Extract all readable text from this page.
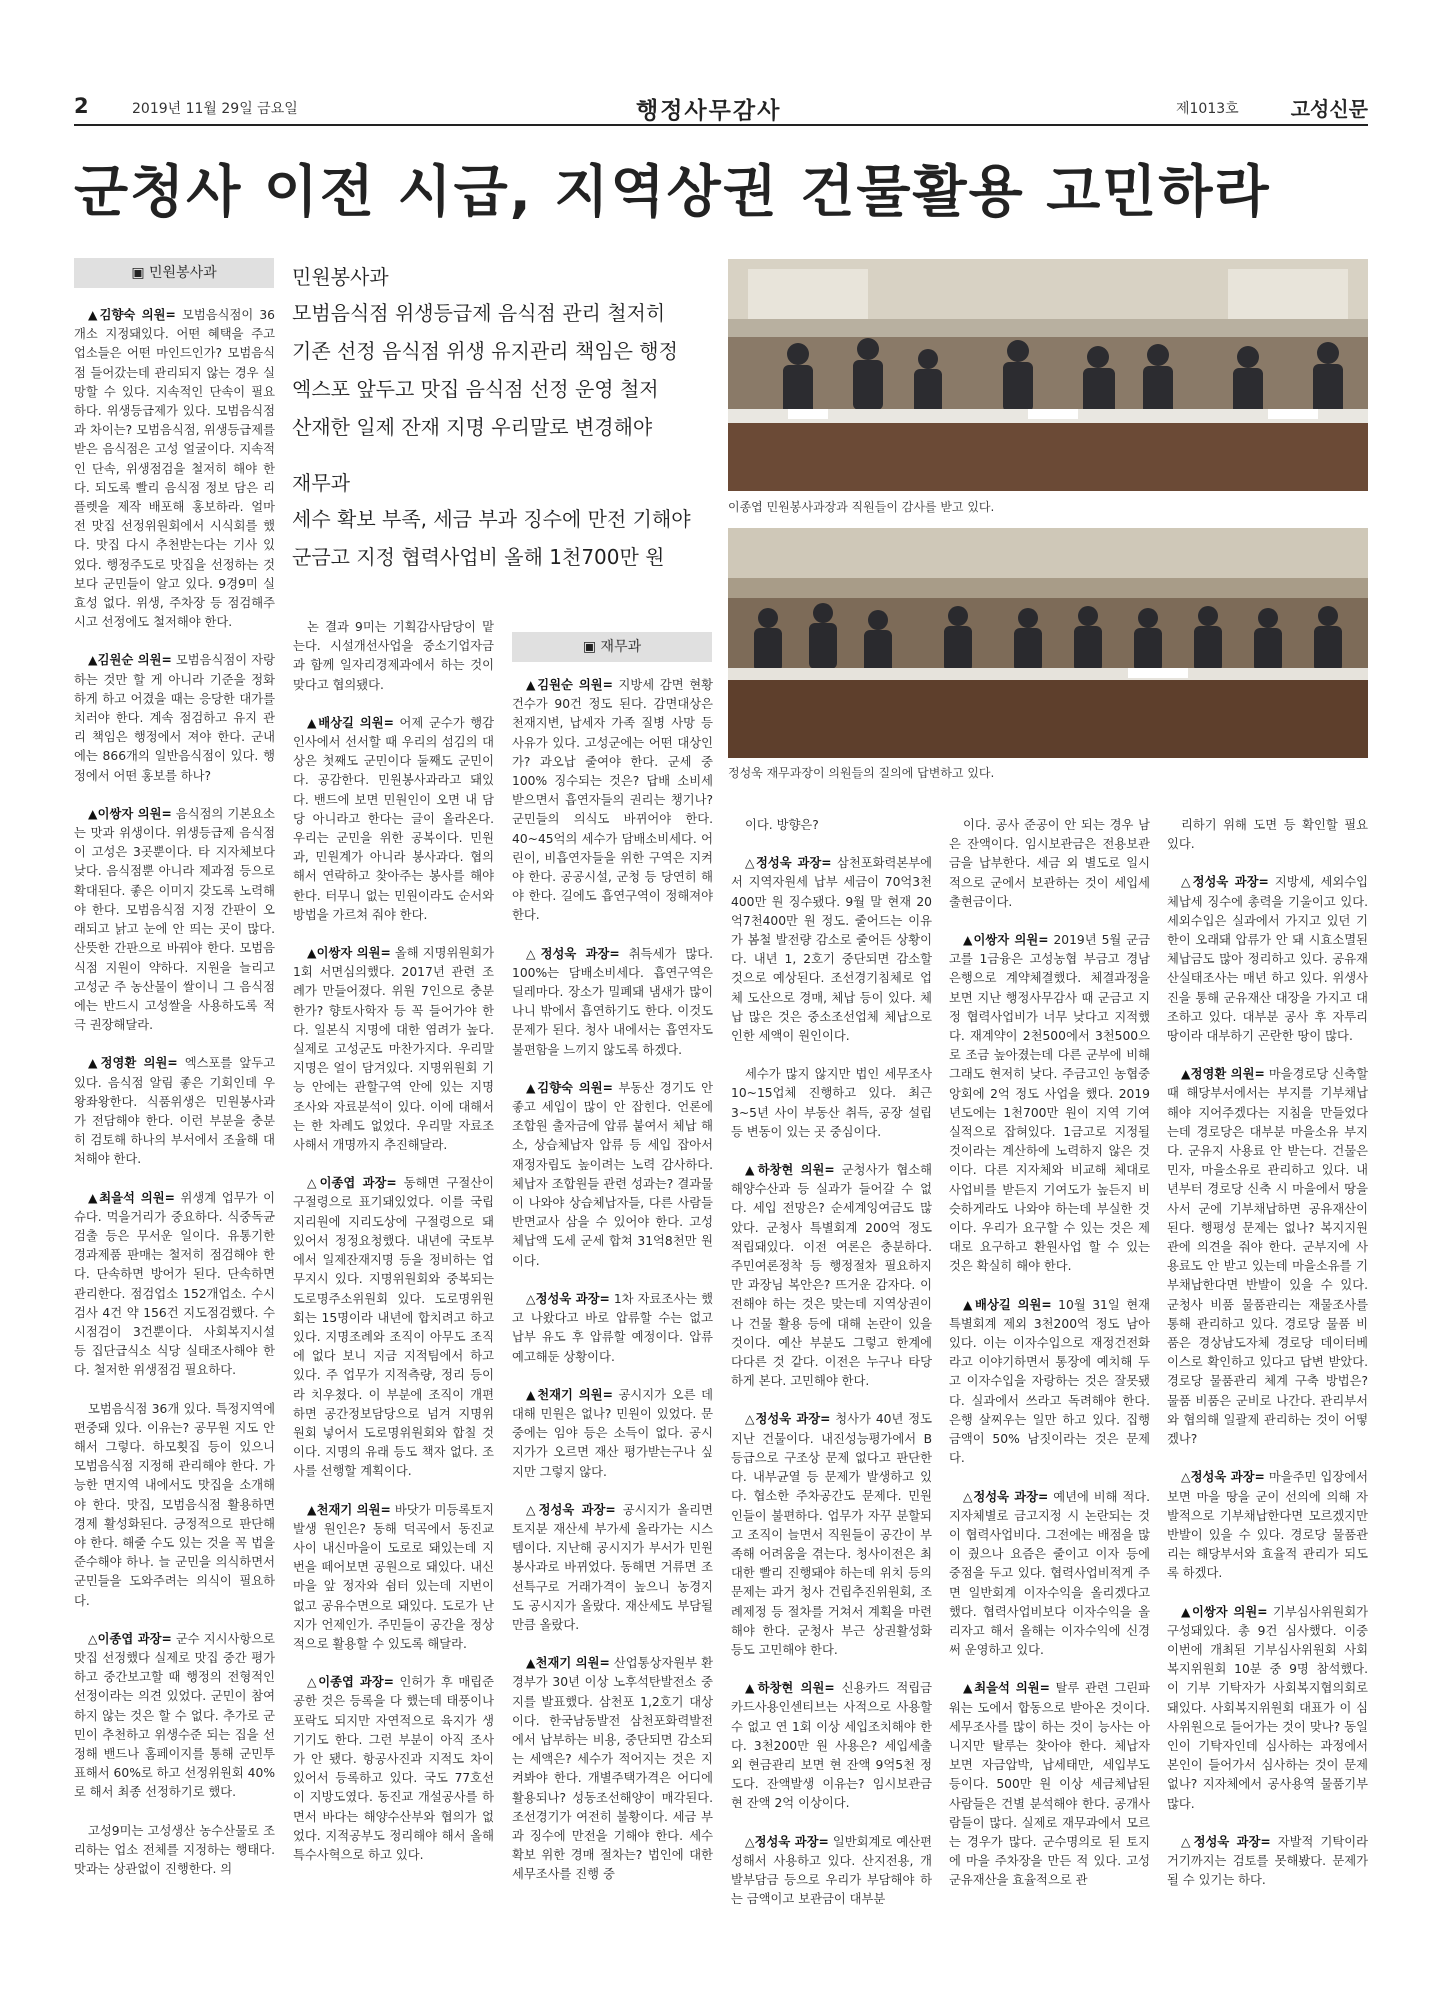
2	2019년 11월 29일 금요일	행정사무감사	제1013호	고성신문
군청사 이전 시급, 지역상권 건물활용 고민하라
▣ 민원봉사과
▣ 재무과
민원봉사과
모범음식점 위생등급제 음식점 관리 철저히
기존 선정 음식점 위생 유지관리 책임은 행정
엑스포 앞두고 맛집 음식점 선정 운영 철저
산재한 일제 잔재 지명 우리말로 변경해야
재무과
세수 확보 부족, 세금 부과 징수에 만전 기해야
군금고 지정 협력사업비 올해 1천700만 원
이종엽 민원봉사과장과 직원들이 감사를 받고 있다.
정성욱 재무과장이 의원들의 질의에 답변하고 있다.

▲김향숙 의원= 모범음식점이 36개소 지정돼있다. 어떤 혜택을 주고 업소들은 어떤 마인드인가? 모범음식점 들어갔는데 관리되지 않는 경우 실망할 수 있다. 지속적인 단속이 필요하다. 위생등급제가 있다. 모범음식점과 차이는? 모범음식점, 위생등급제를 받은 음식점은 고성 얼굴이다. 지속적인 단속, 위생점검을 철저히 해야 한다. 되도록 빨리 음식점 정보 담은 리플렛을 제작 배포해 홍보하라. 얼마 전 맛집 선정위원회에서 시식회를 했다. 맛집 다시 추천받는다는 기사 있었다. 행정주도로 맛집을 선정하는 것보다 군민들이 알고 있다. 9경9미 실효성 없다. 위생, 주차장 등 점검해주시고 선정에도 철저해야 한다.

▲김원순 의원= 모범음식점이 자랑하는 것만 할 게 아니라 기준을 정화하게 하고 어겼을 때는 응당한 대가를 치러야 한다. 계속 점검하고 유지 관리 책임은 행정에서 져야 한다. 군내에는 866개의 일반음식점이 있다. 행정에서 어떤 홍보를 하나?

▲이쌍자 의원= 음식점의 기본요소는 맛과 위생이다. 위생등급제 음식점이 고성은 3곳뿐이다. 타 지자체보다 낮다. 음식점뿐 아니라 제과점 등으로 확대된다. 좋은 이미지 갖도록 노력해야 한다. 모범음식점 지정 간판이 오래되고 낡고 눈에 안 띄는 곳이 많다. 산뜻한 간판으로 바꿔야 한다. 모범음식점 지원이 약하다. 지원을 늘리고 고성군 주 농산물이 쌀이니 그 음식점에는 반드시 고성쌀을 사용하도록 적극 권장해달라.

▲정영환 의원= 엑스포를 앞두고 있다. 음식점 알림 좋은 기회인데 우왕좌왕한다. 식품위생은 민원봉사과가 전담해야 한다. 이런 부분을 충분히 검토해 하나의 부서에서 조율해 대처해야 한다.

▲최을석 의원= 위생계 업무가 이슈다. 먹을거리가 중요하다. 식중독균 검출 등은 무서운 일이다. 유통기한 경과제품 판매는 철저히 점검해야 한다. 단속하면 방어가 된다. 단속하면 관리한다. 점검업소 152개업소. 수시검사 4건 약 156건 지도점검했다. 수시점검이 3건뿐이다. 사회복지시설 등 집단급식소 식당 실태조사해야 한다. 철저한 위생점검 필요하다.

모범음식점 36개 있다. 특정지역에 편중돼 있다. 이유는? 공무원 지도 안 해서 그렇다. 하모횟집 등이 있으니 모범음식점 지정해 관리해야 한다. 가능한 면지역 내에서도 맛집을 소개해야 한다. 맛집, 모범음식점 활용하면 경제 활성화된다. 긍정적으로 판단해야 한다. 해줄 수도 있는 것을 꼭 법을 준수해야 하나. 늘 군민을 의식하면서 군민들을 도와주려는 의식이 필요하다.

△이종엽 과장= 군수 지시사항으로 맛집 선정했다 실제로 맛집 중간 평가하고 중간보고할 때 행정의 전형적인 선정이라는 의견 있었다. 군민이 참여하지 않는 것은 할 수 없다. 추가로 군민이 추천하고 위생수준 되는 집을 선정해 밴드나 홈페이지를 통해 군민투표해서 60%로 하고 선정위원회 40%로 해서 최종 선정하기로 했다.

고성9미는 고성생산 농수산물로 조리하는 업소 전체를 지정하는 행태다. 맛과는 상관없이 진행한다. 의

논 결과 9미는 기획감사담당이 맡는다. 시설개선사업을 중소기업자금과 함께 일자리경제과에서 하는 것이 맞다고 협의됐다.

▲배상길 의원= 어제 군수가 행감 인사에서 선서할 때 우리의 섬김의 대상은 첫째도 군민이다 둘째도 군민이다. 공감한다. 민원봉사과라고 돼있다. 밴드에 보면 민원인이 오면 내 담당 아니라고 한다는 글이 올라온다. 우리는 군민을 위한 공복이다. 민원과, 민원계가 아니라 봉사과다. 협의해서 연락하고 찾아주는 봉사를 해야 한다. 터무니 없는 민원이라도 순서와 방법을 가르쳐 줘야 한다.

▲이쌍자 의원= 올해 지명위원회가 1회 서면심의했다. 2017년 관련 조례가 만들어졌다. 위원 7인으로 충분한가? 향토사학자 등 꼭 들어가야 한다. 일본식 지명에 대한 염려가 높다. 실제로 고성군도 마찬가지다. 우리말 지명은 얼이 담겨있다. 지명위원회 기능 안에는 관할구역 안에 있는 지명 조사와 자료분석이 있다. 이에 대해서는 한 차례도 없었다. 우리말 자료조사해서 개명까지 추진해달라.

△이종엽 과장= 동해면 구절산이 구절령으로 표기돼있었다. 이를 국립지리원에 지리도상에 구절령으로 돼있어서 정정요청했다. 내년에 국토부에서 일제잔재지명 등을 정비하는 업무지시 있다. 지명위원회와 중복되는 도로명주소위원회 있다. 도로명위원회는 15명이라 내년에 합치려고 하고 있다. 지명조례와 조직이 아무도 조직에 없다 보니 지금 지적팀에서 하고 있다. 주 업무가 지적측량, 정리 등이라 치우쳤다. 이 부분에 조직이 개편하면 공간정보담당으로 넘겨 지명위원회 넣어서 도로명위원회와 합칠 것이다. 지명의 유래 등도 책자 없다. 조사를 선행할 계획이다.

▲천재기 의원= 바닷가 미등록토지 발생 원인은? 동해 덕곡에서 동진교 사이 내신마을이 도로로 돼있는데 지번을 떼어보면 공원으로 돼있다. 내신마을 앞 정자와 쉼터 있는데 지번이 없고 공유수면으로 돼있다. 도로가 난 지가 언제인가. 주민들이 공간을 정상적으로 활용할 수 있도록 해달라.

△이종엽 과장= 인허가 후 매립준공한 것은 등록을 다 했는데 태풍이나 포락도 되지만 자연적으로 육지가 생기기도 한다. 그런 부분이 아직 조사가 안 됐다. 항공사진과 지적도 차이 있어서 등록하고 있다. 국도 77호선이 지방도였다. 동진교 개설공사를 하면서 바다는 해양수산부와 협의가 없었다. 지적공부도 정리해야 해서 올해 특수사혁으로 하고 있다.

▲김원순 의원= 지방세 감면 현황 건수가 90건 정도 된다. 감면대상은 천재지변, 납세자 가족 질병 사망 등 사유가 있다. 고성군에는 어떤 대상인가? 과오납 줄여야 한다. 군세 중 100% 징수되는 것은? 답배 소비세 받으면서 흡연자들의 권리는 챙기나? 군민들의 의식도 바뀌어야 한다. 40~45억의 세수가 담배소비세다. 어린이, 비흡연자들을 위한 구역은 지켜야 한다. 공공시설, 군청 등 당연히 해야 한다. 길에도 흡연구역이 정해져야 한다.

△정성욱 과장= 취득세가 많다. 100%는 담배소비세다. 흡연구역은 딜레마다. 장소가 밀폐돼 냄새가 많이 나니 밖에서 흡연하기도 한다. 이것도 문제가 된다. 청사 내에서는 흡연자도 불편함을 느끼지 않도록 하겠다.

▲김향숙 의원= 부동산 경기도 안 좋고 세입이 많이 안 잡힌다. 언론에 조합원 출자금에 압류 붙여서 체납 해소, 상습체납자 압류 등 세입 잡아서 재정자립도 높이려는 노력 감사하다. 체납자 조합원들 관련 성과는? 결과물이 나와야 상습체납자들, 다른 사람들 반면교사 삼을 수 있어야 한다. 고성 체납액 도세 군세 합쳐 31억8천만 원이다.

△정성욱 과장= 1차 자료조사는 했고 나왔다고 바로 압류할 수는 없고 납부 유도 후 압류할 예정이다. 압류예고해둔 상황이다.

▲천재기 의원= 공시지가 오른 데 대해 민원은 없나? 민원이 있었다. 문중에는 임야 등은 소득이 없다. 공시지가가 오르면 재산 평가받는구나 싶지만 그렇지 않다.

△정성욱 과장= 공시지가 올리면 토지분 재산세 부가세 올라가는 시스템이다. 지난해 공시지가 부서가 민원봉사과로 바뀌었다. 동해면 거류면 조선특구로 거래가격이 높으니 농경지도 공시지가 올랐다. 재산세도 부담될 만큼 올랐다.

▲천재기 의원= 산업통상자원부 환경부가 30년 이상 노후석탄발전소 중지를 발표했다. 삼천포 1,2호기 대상이다. 한국남동발전 삼천포화력발전에서 납부하는 비용, 중단되면 감소되는 세액은? 세수가 적어지는 것은 지켜봐야 한다. 개별주택가격은 어디에 활용되나? 성동조선해양이 매각된다. 조선경기가 여전히 불황이다. 세금 부과 징수에 만전을 기해야 한다. 세수 확보 위한 경매 절차는? 법인에 대한 세무조사를 진행 중

이다. 방향은?

△정성욱 과장= 삼천포화력본부에서 지역자원세 납부 세금이 70억3천400만 원 징수됐다. 9월 말 현재 20억7천400만 원 정도. 줄어드는 이유가 봄철 발전량 감소로 줄어든 상황이다. 내년 1, 2호기 중단되면 감소할 것으로 예상된다. 조선경기침체로 업체 도산으로 경매, 체납 등이 있다. 체납 많은 것은 중소조선업체 체납으로 인한 세액이 원인이다.

세수가 많지 않지만 법인 세무조사 10~15업체 진행하고 있다. 최근 3~5년 사이 부동산 취득, 공장 설립 등 변동이 있는 곳 중심이다.

▲하창현 의원= 군청사가 협소해 해양수산과 등 실과가 들어갈 수 없다. 세입 전망은? 순세계잉여금도 많았다. 군청사 특별회계 200억 정도 적립돼있다. 이전 여론은 충분하다. 주민여론정착 등 행정절차 필요하지만 과장님 복안은? 뜨거운 감자다. 이전해야 하는 것은 맞는데 지역상권이나 건물 활용 등에 대해 논란이 있을 것이다. 예산 부분도 그렇고 한계에 다다른 것 같다. 이전은 누구나 타당하게 본다. 고민해야 한다.

△정성욱 과장= 청사가 40년 정도 지난 건물이다. 내진성능평가에서 B등급으로 구조상 문제 없다고 판단한다. 내부균열 등 문제가 발생하고 있다. 협소한 주차공간도 문제다. 민원인들이 불편하다. 업무가 자꾸 분할되고 조직이 늘면서 직원들이 공간이 부족해 어려움을 겪는다. 청사이전은 최대한 빨리 진행돼야 하는데 위치 등의 문제는 과거 청사 건립추진위원회, 조례제정 등 절차를 거쳐서 계획을 마련해야 한다. 군청사 부근 상권활성화 등도 고민해야 한다.

▲하창현 의원= 신용카드 적립금 카드사용인센티브는 사적으로 사용할 수 없고 연 1회 이상 세입조치해야 한다. 3천200만 원 사용은? 세입세출 외 현금관리 보면 현 잔액 9억5천 정도다. 잔액발생 이유는? 임시보관금 현 잔액 2억 이상이다.

△정성욱 과장= 일반회계로 예산편성해서 사용하고 있다. 산지전용, 개발부담금 등으로 우리가 부담해야 하는 금액이고 보관금이 대부분

이다. 공사 준공이 안 되는 경우 남은 잔액이다. 임시보관금은 전용보관금을 납부한다. 세금 외 별도로 일시적으로 군에서 보관하는 것이 세입세출현금이다.

▲이쌍자 의원= 2019년 5월 군금고를 1금융은 고성농협 부금고 경남은행으로 계약체결했다. 체결과정을 보면 지난 행정사무감사 때 군금고 지정 협력사업비가 너무 낮다고 지적했다. 재계약이 2천500에서 3천500으로 조금 높아졌는데 다른 군부에 비해 그래도 현저히 낮다. 주금고인 농협중앙회에 2억 정도 사업을 했다. 2019년도에는 1천700만 원이 지역 기여실적으로 잡혀있다. 1금고로 지정될 것이라는 계산하에 노력하지 않은 것이다. 다른 지자체와 비교해 체대로 사업비를 받든지 기여도가 높든지 비슷하게라도 나와야 하는데 부실한 것이다. 우리가 요구할 수 있는 것은 제대로 요구하고 환원사업 할 수 있는 것은 확실히 해야 한다.

▲배상길 의원= 10월 31일 현재 특별회계 제외 3천200억 정도 남아 있다. 이는 이자수입으로 재정건전화라고 이야기하면서 통장에 예치해 두고 이자수입을 자랑하는 것은 잘못됐다. 실과에서 쓰라고 독려해야 한다. 은행 살찌우는 일만 하고 있다. 집행금액이 50% 남짓이라는 것은 문제다.

△정성욱 과장= 예년에 비해 적다. 지자체별로 금고지정 시 논란되는 것이 협력사업비다. 그전에는 배점을 많이 줬으나 요즘은 줄이고 이자 등에 중점을 두고 있다. 협력사업비적게 주면 일반회계 이자수익을 올리겠다고 했다. 협력사업비보다 이자수익을 올리자고 해서 올해는 이자수익에 신경써 운영하고 있다.

▲최을석 의원= 탈루 관련 그린파워는 도에서 합동으로 받아온 것이다. 세무조사를 많이 하는 것이 능사는 아니지만 탈루는 찾아야 한다. 체납자 보면 자금압박, 납세태만, 세입부도 등이다. 500만 원 이상 세금체납된 사람들은 건별 분석해야 한다. 공개사람들이 많다. 실제로 재무과에서 모르는 경우가 많다. 군수명의로 된 토지에 마을 주차장을 만든 적 있다. 고성군유재산을 효율적으로 관

리하기 위해 도면 등 확인할 필요 있다.

△정성욱 과장= 지방세, 세외수입 체납세 징수에 총력을 기울이고 있다. 세외수입은 실과에서 가지고 있던 기한이 오래돼 압류가 안 돼 시효소멸된 체납금도 많아 정리하고 있다. 공유재산실태조사는 매년 하고 있다. 위생사진을 통해 군유재산 대장을 가지고 대조하고 있다. 대부분 공사 후 자투리땅이라 대부하기 곤란한 땅이 많다.

▲정영환 의원= 마을경로당 신축할 때 해당부서에서는 부지를 기부채납해야 지어주겠다는 지침을 만들었다는데 경로당은 대부분 마을소유 부지다. 군유지 사용료 안 받는다. 건물은 민자, 마을소유로 관리하고 있다. 내년부터 경로당 신축 시 마을에서 땅을 사서 군에 기부채납하면 공유재산이 된다. 행평성 문제는 없나? 복지지원관에 의견을 줘야 한다. 군부지에 사용료도 안 받고 있는데 마을소유를 기부채납한다면 반발이 있을 수 있다. 군청사 비품 물품관리는 재물조사를 통해 관리하고 있다. 경로당 물품 비품은 경상남도자체 경로당 데이터베이스로 확인하고 있다고 답변 받았다. 경로당 물품관리 체계 구축 방법은? 물품 비품은 군비로 나간다. 관리부서와 협의해 일괄제 관리하는 것이 어떻겠나?

△정성욱 과장= 마을주민 입장에서 보면 마을 땅을 군이 선의에 의해 자발적으로 기부채납한다면 모르겠지만 반발이 있을 수 있다. 경로당 물품관리는 해당부서와 효율적 관리가 되도록 하겠다.

▲이쌍자 의원= 기부심사위원회가 구성돼있다. 총 9건 심사했다. 이중 이번에 개최된 기부심사위원회 사회복지위원회 10분 중 9명 참석했다. 이 기부 기탁자가 사회복지협의회로 돼있다. 사회복지위원회 대표가 이 심사위원으로 들어가는 것이 맞나? 동일인이 기탁자인데 심사하는 과정에서 본인이 들어가서 심사하는 것이 문제 없나? 지자체에서 공사용역 물품기부 많다.

△정성욱 과장= 자발적 기탁이라 거기까지는 검토를 못해봤다. 문제가 될 수 있기는 하다.
